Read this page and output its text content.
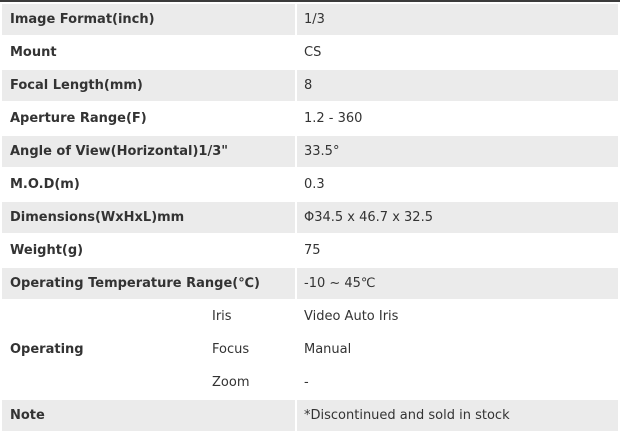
Image Format(inch)		1/3
Mount		CS
Focal Length(mm)		8
Aperture Range(F)		1.2 - 360
Angle of View(Horizontal)1/3"		33.5°
M.O.D(m)		0.3
Dimensions(WxHxL)mm		Φ34.5 x 46.7 x 32.5
Weight(g)		75
Operating Temperature Range(℃)		-10 ~ 45℃
Operating	Iris	Video Auto Iris
	Focus	Manual
	Zoom	-
Note		*Discontinued and sold in stock
